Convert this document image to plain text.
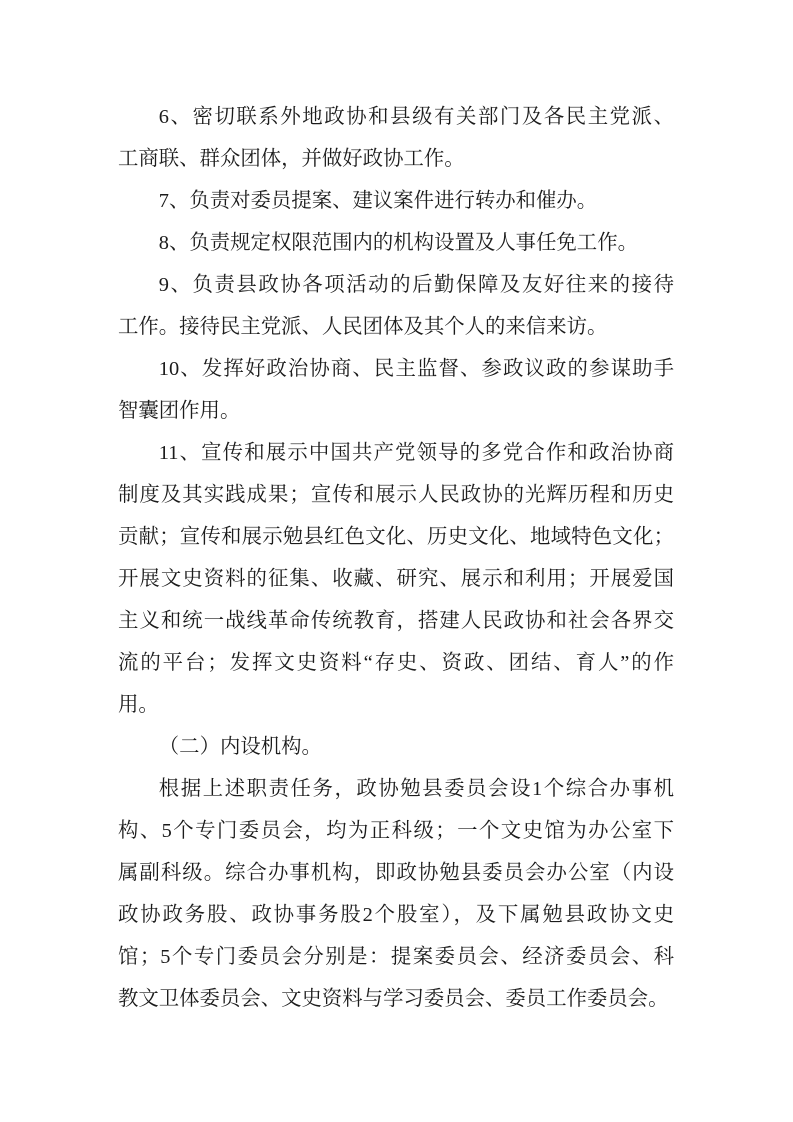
6、密切联系外地政协和县级有关部门及各民主党派、
工商联、群众团体，并做好政协工作。
7、负责对委员提案、建议案件进行转办和催办。
8、负责规定权限范围内的机构设置及人事任免工作。
9、负责县政协各项活动的后勤保障及友好往来的接待
工作。接待民主党派、人民团体及其个人的来信来访。
10、发挥好政治协商、民主监督、参政议政的参谋助手
智囊团作用。
11、宣传和展示中国共产党领导的多党合作和政治协商
制度及其实践成果；宣传和展示人民政协的光辉历程和历史
贡献；宣传和展示勉县红色文化、历史文化、地域特色文化；
开展文史资料的征集、收藏、研究、展示和利用；开展爱国
主义和统一战线革命传统教育，搭建人民政协和社会各界交
流的平台；发挥文史资料“存史、资政、团结、育人”的作
用。
（二）内设机构。
根据上述职责任务，政协勉县委员会设1个综合办事机
构、5个专门委员会，均为正科级；一个文史馆为办公室下
属副科级。综合办事机构，即政协勉县委员会办公室（内设
政协政务股、政协事务股2个股室），及下属勉县政协文史
馆；5个专门委员会分别是：提案委员会、经济委员会、科
教文卫体委员会、文史资料与学习委员会、委员工作委员会。
